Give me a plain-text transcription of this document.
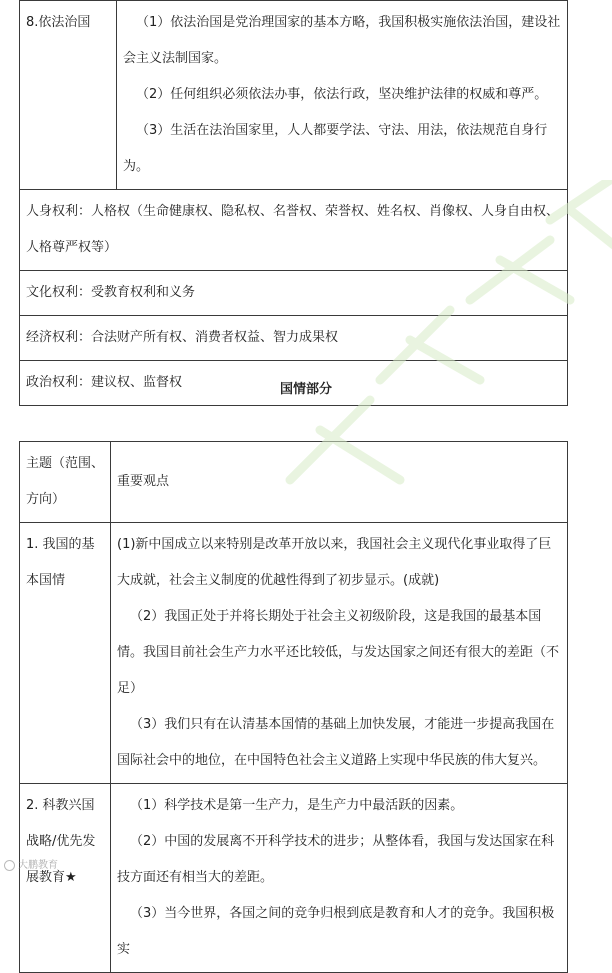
8.依法治国	（1）依法治国是党治理国家的基本方略，我国积极实施依法治国，建设社会主义法制国家。
（2）任何组织必须依法办事，依法行政，坚决维护法律的权威和尊严。
（3）生活在法治国家里，人人都要学法、守法、用法，依法规范自身行为。

人身权利：人格权（生命健康权、隐私权、名誉权、荣誉权、姓名权、肖像权、人身自由权、人格尊严权等）
文化权利：受教育权利和义务
经济权利：合法财产所有权、消费者权益、智力成果权
政治权利：建议权、监督权	国情部分
主题（范围、方向）	重要观点
1. 我国的基本国情	(1)新中国成立以来特别是改革开放以来，我国社会主义现代化事业取得了巨大成就，社会主义制度的优越性得到了初步显示。(成就)
（2）我国正处于并将长期处于社会主义初级阶段，这是我国的最基本国情。我国目前社会生产力水平还比较低，与发达国家之间还有很大的差距（不足）
（3）我们只有在认清基本国情的基础上加快发展，才能进一步提高我国在国际社会中的地位，在中国特色社会主义道路上实现中华民族的伟大复兴。

2. 科教兴国战略/优先发展教育★	（1）科学技术是第一生产力，是生产力中最活跃的因素。
（2）中国的发展离不开科学技术的进步；从整体看，我国与发达国家在科技方面还有相当大的差距。
（3）当今世界，各国之间的竞争归根到底是教育和人才的竞争。我国积极实
大鹏教育
